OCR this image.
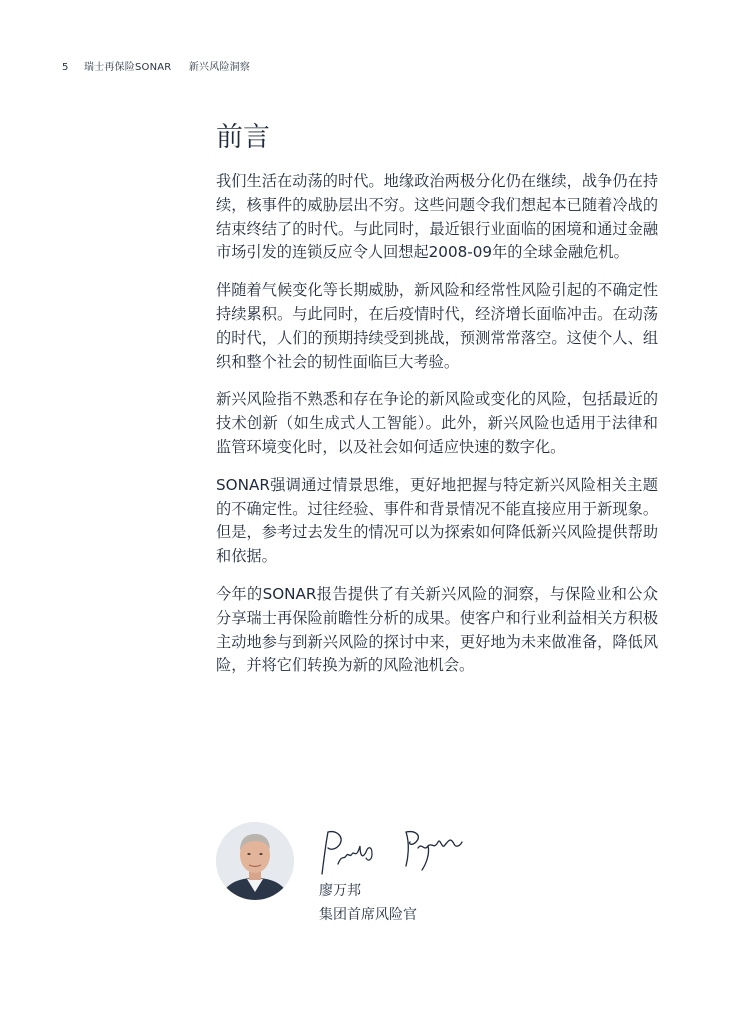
5 瑞士再保险SONAR 新兴风险洞察
前言

我们生活在动荡的时代。地缘政治两极分化仍在继续，战争仍在持续，核事件的威胁层出不穷。这些问题令我们想起本已随着冷战的结束终结了的时代。与此同时，最近银行业面临的困境和通过金融市场引发的连锁反应令人回想起2008-09年的全球金融危机。

伴随着气候变化等长期威胁，新风险和经常性风险引起的不确定性持续累积。与此同时，在后疫情时代，经济增长面临冲击。在动荡的时代，人们的预期持续受到挑战，预测常常落空。这使个人、组织和整个社会的韧性面临巨大考验。

新兴风险指不熟悉和存在争论的新风险或变化的风险，包括最近的技术创新（如生成式人工智能）。此外，新兴风险也适用于法律和监管环境变化时，以及社会如何适应快速的数字化。

SONAR强调通过情景思维，更好地把握与特定新兴风险相关主题的不确定性。过往经验、事件和背景情况不能直接应用于新现象。但是，参考过去发生的情况可以为探索如何降低新兴风险提供帮助和依据。

今年的SONAR报告提供了有关新兴风险的洞察，与保险业和公众分享瑞士再保险前瞻性分析的成果。使客户和行业利益相关方积极主动地参与到新兴风险的探讨中来，更好地为未来做准备，降低风险，并将它们转换为新的风险池机会。

廖万邦
集团首席风险官
